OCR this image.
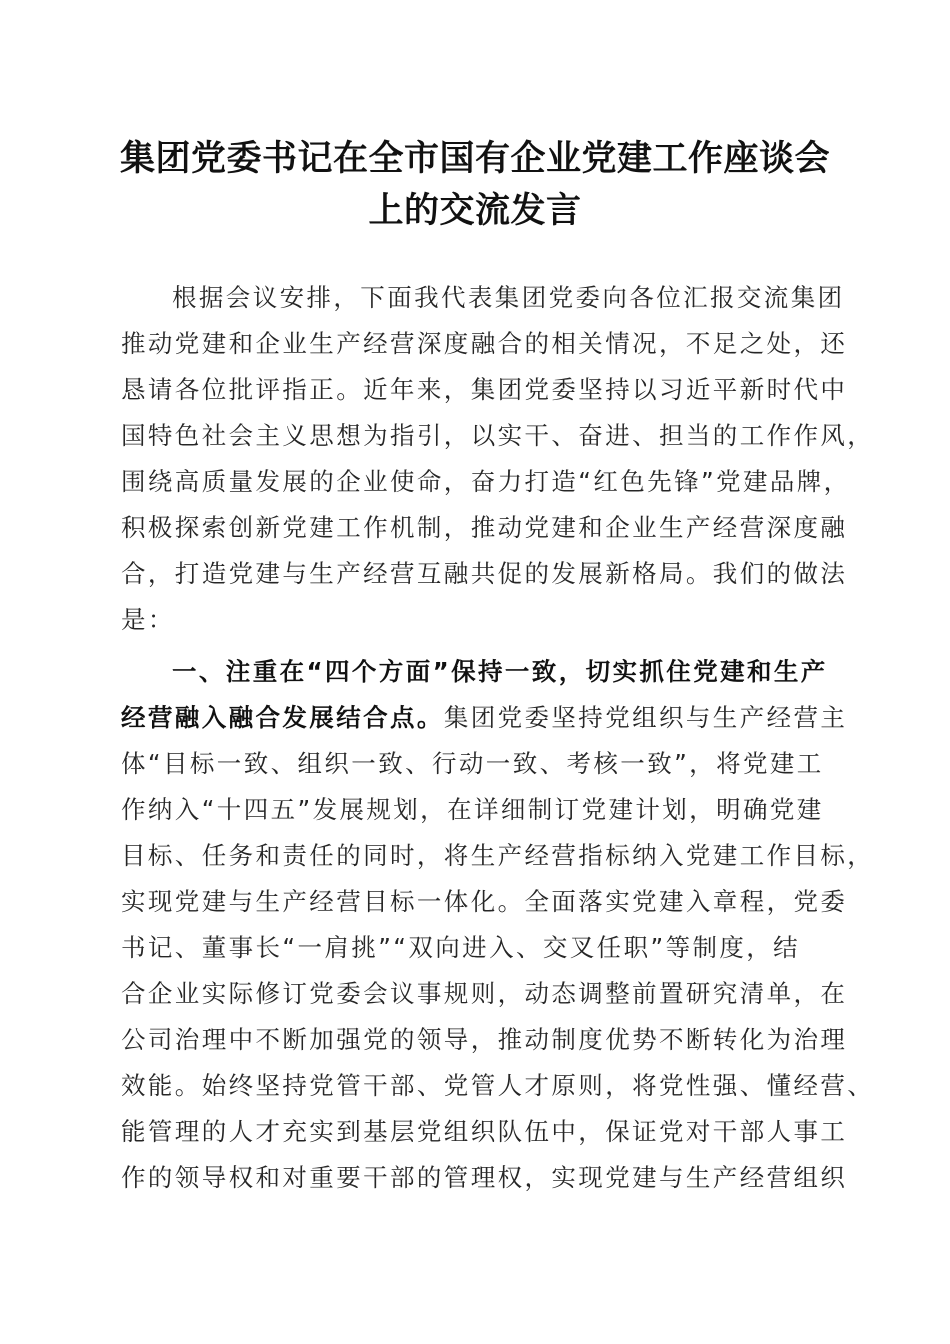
集团党委书记在全市国有企业党建工作座谈会
上的交流发言
根据会议安排，下面我代表集团党委向各位汇报交流集团
推动党建和企业生产经营深度融合的相关情况，不足之处，还
恳请各位批评指正。近年来，集团党委坚持以习近平新时代中
国特色社会主义思想为指引，以实干、奋进、担当的工作作风，
围绕高质量发展的企业使命，奋力打造“红色先锋”党建品牌，
积极探索创新党建工作机制，推动党建和企业生产经营深度融
合，打造党建与生产经营互融共促的发展新格局。我们的做法
是：
一、注重在“四个方面”保持一致，切实抓住党建和生产
经营融入融合发展结合点。集团党委坚持党组织与生产经营主
体“目标一致、组织一致、行动一致、考核一致”，将党建工
作纳入“十四五”发展规划，在详细制订党建计划，明确党建
目标、任务和责任的同时，将生产经营指标纳入党建工作目标，
实现党建与生产经营目标一体化。全面落实党建入章程，党委
书记、董事长“一肩挑”“双向进入、交叉任职”等制度，结
合企业实际修订党委会议事规则，动态调整前置研究清单，在
公司治理中不断加强党的领导，推动制度优势不断转化为治理
效能。始终坚持党管干部、党管人才原则，将党性强、懂经营、
能管理的人才充实到基层党组织队伍中，保证党对干部人事工
作的领导权和对重要干部的管理权，实现党建与生产经营组织
